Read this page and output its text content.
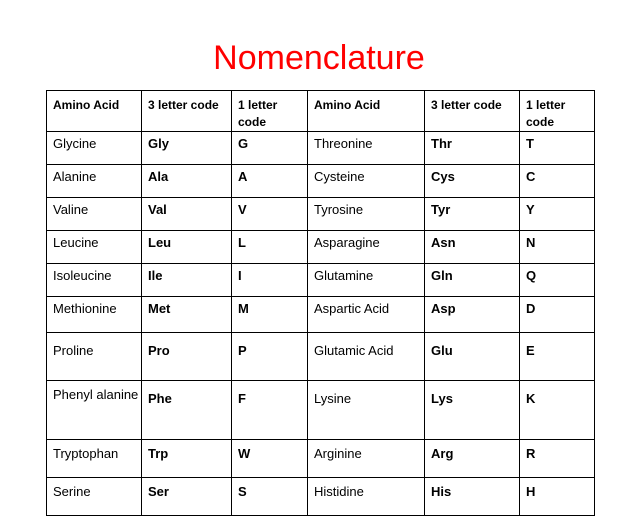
Nomenclature
Amino Acid	3 letter code	1 letter code	Amino Acid	3 letter code	1 letter code
Glycine	Gly	G	Threonine	Thr	T
Alanine	Ala	A	Cysteine	Cys	C
Valine	Val	V	Tyrosine	Tyr	Y
Leucine	Leu	L	Asparagine	Asn	N
Isoleucine	Ile	I	Glutamine	Gln	Q
Methionine	Met	M	Aspartic Acid	Asp	D
Proline	Pro	P	Glutamic Acid	Glu	E
Phenyl alanine	Phe	F	Lysine	Lys	K
Tryptophan	Trp	W	Arginine	Arg	R
Serine	Ser	S	Histidine	His	H
